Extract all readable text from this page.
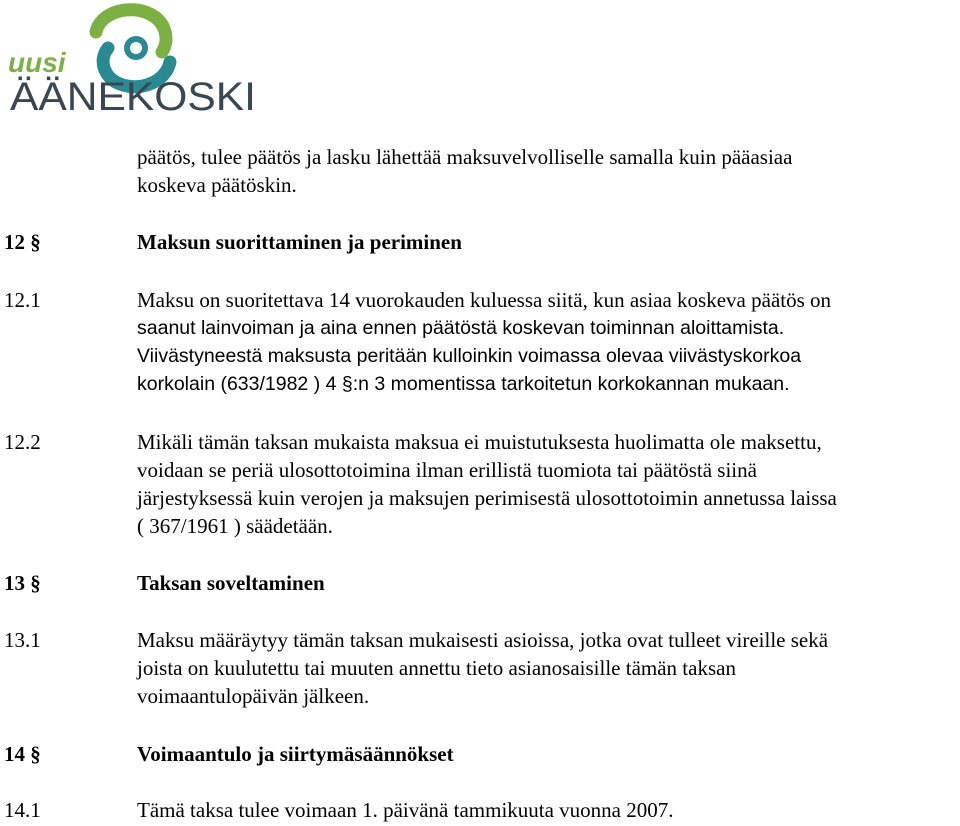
uusi
ÄÄNEKOSKI
päätös, tulee päätös ja lasku lähettää maksuvelvolliselle samalla kuin pääasiaa
koskeva päätöskin.
12 §	Maksun suorittaminen ja periminen
12.1	Maksu on suoritettava 14 vuorokauden kuluessa siitä, kun asiaa koskeva päätös on
saanut lainvoiman ja aina ennen päätöstä koskevan toiminnan aloittamista.
Viivästyneestä maksusta peritään kulloinkin voimassa olevaa viivästyskorkoa
korkolain (633/1982 ) 4 §:n 3 momentissa tarkoitetun korkokannan mukaan.
12.2	Mikäli tämän taksan mukaista maksua ei muistutuksesta huolimatta ole maksettu,
voidaan se periä ulosottotoimina ilman erillistä tuomiota tai päätöstä siinä
järjestyksessä kuin verojen ja maksujen perimisestä ulosottotoimin annetussa laissa
( 367/1961 ) säädetään.
13 §	Taksan soveltaminen
13.1	Maksu määräytyy tämän taksan mukaisesti asioissa, jotka ovat tulleet vireille sekä
joista on kuulutettu tai muuten annettu tieto asianosaisille tämän taksan
voimaantulopäivän jälkeen.
14 §	Voimaantulo ja siirtymäsäännökset
14.1	Tämä taksa tulee voimaan 1. päivänä tammikuuta vuonna 2007.
